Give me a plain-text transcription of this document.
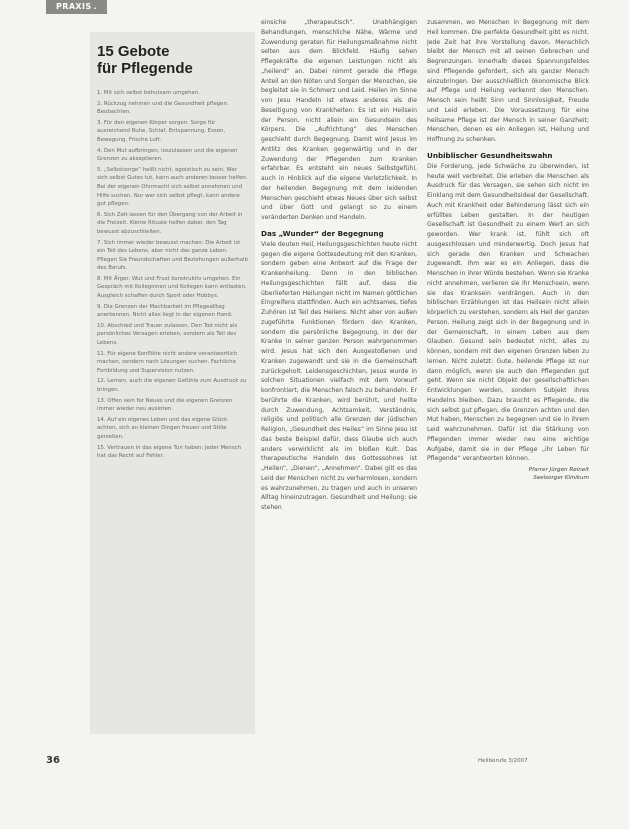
PRAXIS .
15 Gebote
für Pflegende
1. Mit sich selbst behutsam umgehen.
2. Rückzug nehmen und die Gesundheit pflegen. Beobachten.
3. Für den eigenen Körper sorgen. Sorge für ausreichend Ruhe, Schlaf, Entspannung, Essen, Bewegung, Frische Luft.
4. Den Mut aufbringen, loszulassen und die eigenen Grenzen zu akzeptieren.
5. „Selbstsorge“ heißt nicht, egoistisch zu sein: Wer sich selbst Gutes tut, kann auch anderen besser helfen. Bei der eigenen Ohnmacht sich selbst annehmen und Hilfe suchen. Nur wer sich selbst pflegt, kann andere gut pflegen.
6. Sich Zeit lassen für den Übergang von der Arbeit in die Freizeit. Kleine Rituale helfen dabei, den Tag bewusst abzuschließen.
7. Sich immer wieder bewusst machen: Die Arbeit ist ein Teil des Lebens, aber nicht das ganze Leben. Pflegen Sie Freundschaften und Beziehungen außerhalb des Berufs.
8. Mit Ärger, Wut und Frust konstruktiv umgehen. Ein Gespräch mit Kolleginnen und Kollegen kann entlasten. Ausgleich schaffen durch Sport oder Hobbys.
9. Die Grenzen der Machbarkeit im Pflegealltag anerkennen. Nicht alles liegt in der eigenen Hand.
10. Abschied und Trauer zulassen. Den Tod nicht als persönliches Versagen erleben, sondern als Teil des Lebens.
11. Für eigene Konflikte nicht andere verantwortlich machen, sondern nach Lösungen suchen. Fachliche Fortbildung und Supervision nutzen.
12. Lernen, auch die eigenen Gefühle zum Ausdruck zu bringen.
13. Offen sein für Neues und die eigenen Grenzen immer wieder neu ausloten.
14. Auf ein eigenes Leben und das eigene Glück achten, sich an kleinen Dingen freuen und Stille genießen.
15. Vertrauen in das eigene Tun haben: Jeder Mensch hat das Recht auf Fehler.

einsiche „therapeutisch“. Unabhängigen Behandlungen, menschliche Nähe, Wärme und Zuwendung geraten für Heilungsmaßnahme nicht selten aus dem Blickfeld. Häufig sehen Pflegekräfte die eigenen Leistungen nicht als „heilend“ an. Dabei nimmt gerade die Pflege Anteil an den Nöten und Sorgen der Menschen, sie begleitet sie in Schmerz und Leid. Heilen im Sinne von Jesu Handeln ist etwas anderes als die Beseitigung von Krankheiten: Es ist ein Heilsein der Person, nicht allein ein Gesundsein des Körpers. Die „Aufrichtung“ des Menschen geschieht durch Begegnung. Damit wird Jesus im Antlitz des Kranken gegenwärtig und in der Zuwendung der Pflegenden zum Kranken erfahrbar. Es entsteht ein neues Selbstgefühl, auch in Hinblick auf die eigene Verletzlichkeit. In der heilenden Begegnung mit dem leidenden Menschen geschieht etwas Neues über sich selbst und über Gott und gelangt so zu einem veränderten Denken und Handeln.

Das „Wunder“ der Begegnung

Viele deuten Heil, Heilungsgeschichten heute nicht gegen die eigene Gottesdeutung mit den Kranken, sondern geben eine Antwort auf die Frage der Krankenheilung. Denn in den biblischen Heilungsgeschichten fällt auf, dass die überlieferten Heilungen nicht im Namen göttlichen Eingreifens stattfinden. Auch ein achtsames, tiefes Zuhören ist Teil des Heilens. Nicht aber von außen zugeführte Funktionen fördern den Kranken, sondern die persönliche Begegnung, in der der Kranke in seiner ganzen Person wahrgenommen wird. Jesus hat sich den Ausgestoßenen und Kranken zugewandt und sie in die Gemeinschaft zurückgeholt. Leidensgeschichten, Jesus wurde in solchen Situationen vielfach mit dem Vorwurf konfrontiert, die Menschen falsch zu behandeln. Er berührte die Kranken, wird berührt, und heilte durch Zuwendung, Achtsamkeit, Verständnis, religiös und politisch alle Grenzen der jüdischen Religion, „Gesundheit des Heiles“ im Sinne Jesu ist das beste Beispiel dafür, dass Glaube sich auch anders verwirklicht als im bloßen Kult. Das therapeutische Handeln des Gottessohnes ist „Heilen“, „Dienen“, „Annehmen“. Dabei gilt es das Leid der Menschen nicht zu verharmlosen, sondern es wahrzunehmen, zu tragen und auch in unseren Alltag hineinzutragen. Gesundheit und Heilung: sie stehen

zusammen, wo Menschen in Begegnung mit dem Heil kommen. Die perfekte Gesundheit gibt es nicht. Jede Zeit hat ihre Vorstellung davon. Menschlich bleibt der Mensch mit all seinen Gebrechen und Begrenzungen. Innerhalb dieses Spannungsfeldes sind Pflegende gefordert, sich als ganzer Mensch einzubringen. Der ausschließlich ökonomische Blick auf Pflege und Heilung verkennt den Menschen. Mensch sein heißt Sinn und Sinnlosigkeit, Freude und Leid erleben. Die Voraussetzung für eine heilsame Pflege ist der Mensch in seiner Ganzheit; Menschen, denen es ein Anliegen ist, Heilung und Hoffnung zu schenken.

Unbiblischer Gesundheitswahn

Die Forderung, jede Schwäche zu überwinden, ist heute weit verbreitet. Die erleben die Menschen als Ausdruck für das Versagen, sie sehen sich nicht im Einklang mit dem Gesundheitsideal der Gesellschaft. Auch mit Krankheit oder Behinderung lässt sich ein erfülltes Leben gestalten. In der heutigen Gesellschaft ist Gesundheit zu einem Wert an sich geworden. Wer krank ist, fühlt sich oft ausgeschlossen und minderwertig. Doch Jesus hat sich gerade den Kranken und Schwachen zugewandt. Ihm war es ein Anliegen, dass die Menschen in ihrer Würde bestehen. Wenn sie Kranke nicht annehmen, verlieren sie ihr Menschsein, wenn sie das Kranksein verdrängen. Auch in den biblischen Erzählungen ist das Heilsein nicht allein körperlich zu verstehen, sondern als Heil der ganzen Person. Heilung zeigt sich in der Begegnung und in der Gemeinschaft, in einem Leben aus dem Glauben. Gesund sein bedeutet nicht, alles zu können, sondern mit den eigenen Grenzen leben zu lernen. Nicht zuletzt: Gute, heilende Pflege ist nur dann möglich, wenn sie auch den Pflegenden gut geht. Wenn sie nicht Objekt der gesellschaftlichen Entwicklungen werden, sondern Subjekt ihres Handelns bleiben. Dazu braucht es Pflegende, die sich selbst gut pflegen, die Grenzen achten und den Mut haben, Menschen zu begegnen und sie in ihrem Leid wahrzunehmen. Dafür ist die Stärkung von Pflegenden immer wieder neu eine wichtige Aufgabe, damit sie in der Pflege „ihr Leben für Pflegende“ verantworten können.

Pfarrer Jürgen Reinelt
Seelsorger Klinikum
36	Heilberufe 3/2007
